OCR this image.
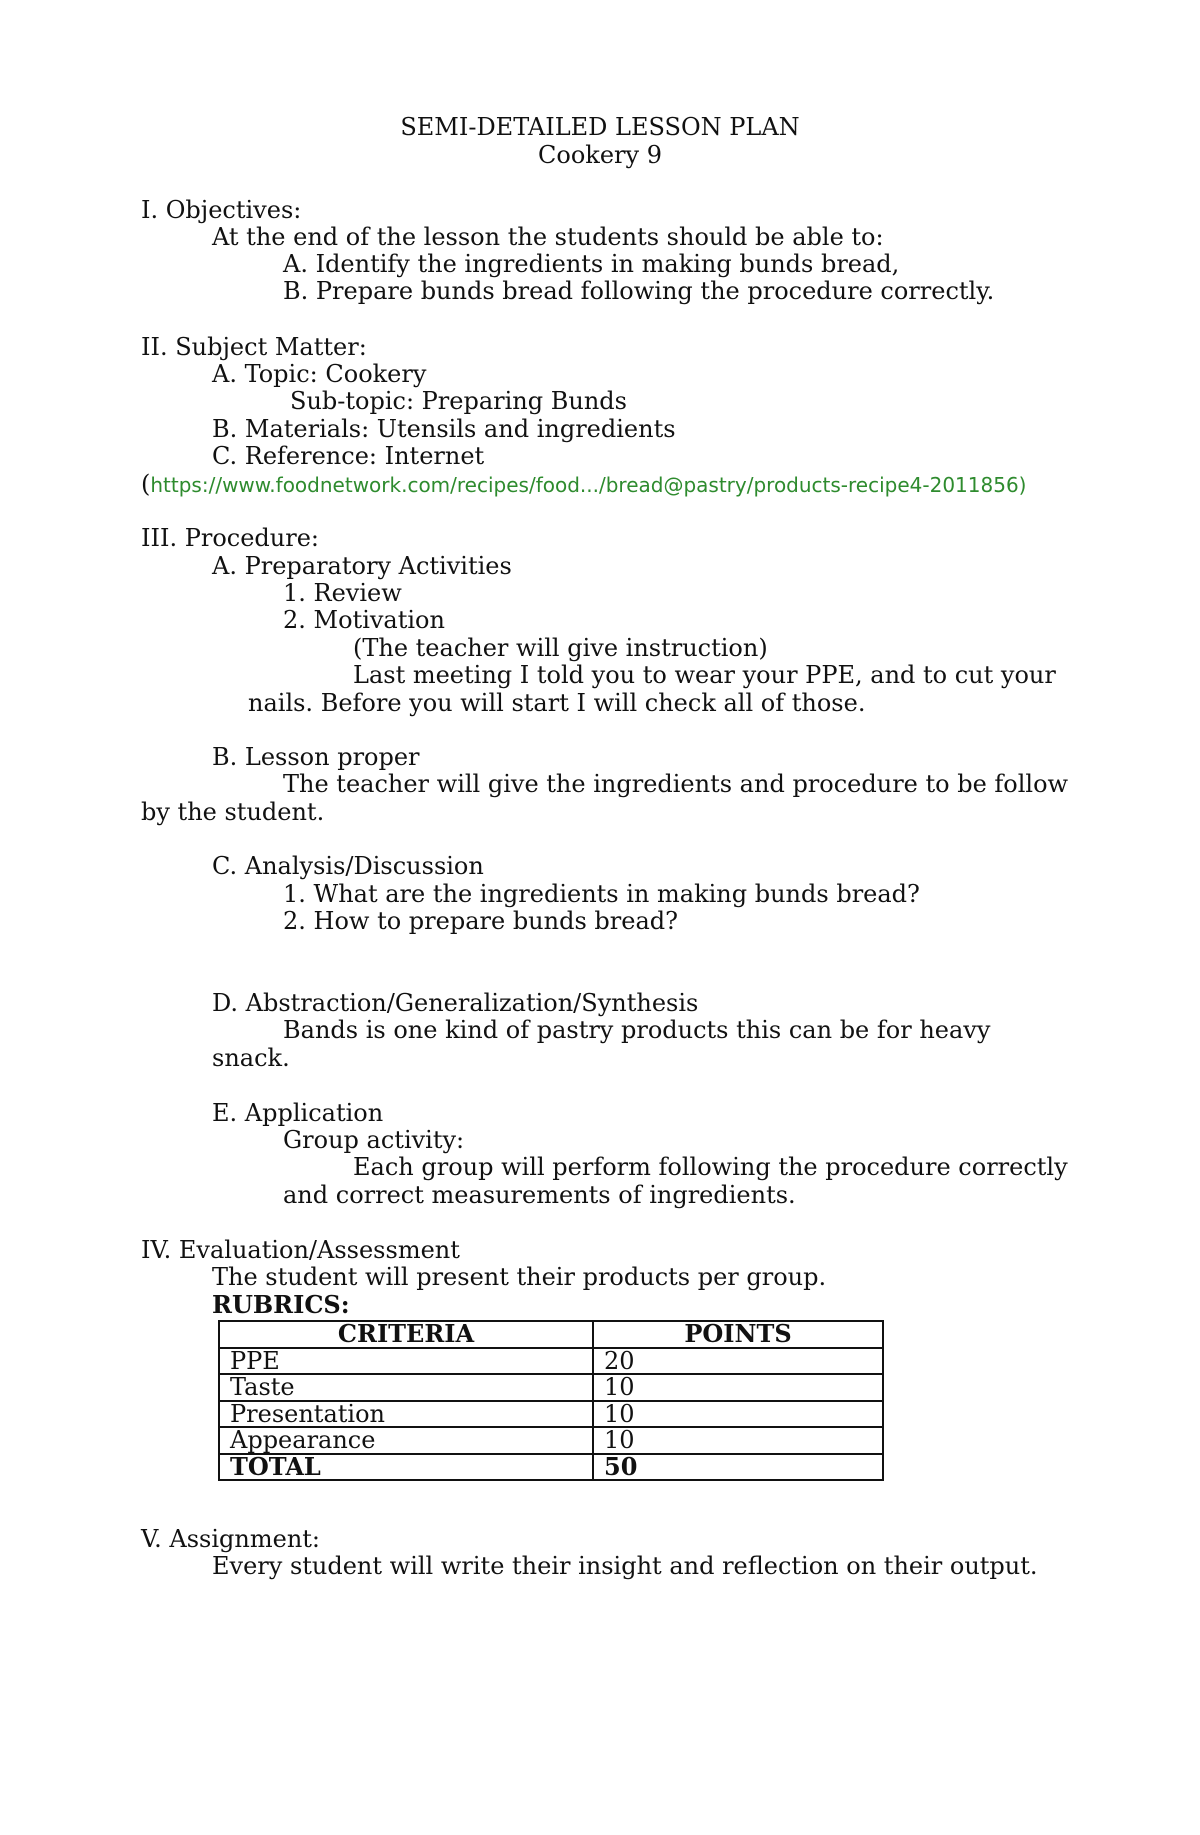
SEMI-DETAILED LESSON PLAN
Cookery 9
I. Objectives:
At the end of the lesson the students should be able to:
A. Identify the ingredients in making bunds bread,
B. Prepare bunds bread following the procedure correctly.
II. Subject Matter:
A. Topic: Cookery
Sub-topic: Preparing Bunds
B. Materials: Utensils and ingredients
C. Reference: Internet
(https://www.foodnetwork.com/recipes/food.../bread@pastry/products-recipe4-2011856)
III. Procedure:
A. Preparatory Activities
1. Review
2. Motivation
(The teacher will give instruction)
Last meeting I told you to wear your PPE, and to cut your
nails. Before you will start I will check all of those.
B. Lesson proper
The teacher will give the ingredients and procedure to be follow
by the student.
C. Analysis/Discussion
1. What are the ingredients in making bunds bread?
2. How to prepare bunds bread?
D. Abstraction/Generalization/Synthesis
Bands is one kind of pastry products this can be for heavy
snack.
E. Application
Group activity:
Each group will perform following the procedure correctly
and correct measurements of ingredients.
IV. Evaluation/Assessment
The student will present their products per group.
RUBRICS:
CRITERIA	POINTS
PPE	20
Taste	10
Presentation	10
Appearance	10
TOTAL	50
V. Assignment:
Every student will write their insight and reflection on their output.
